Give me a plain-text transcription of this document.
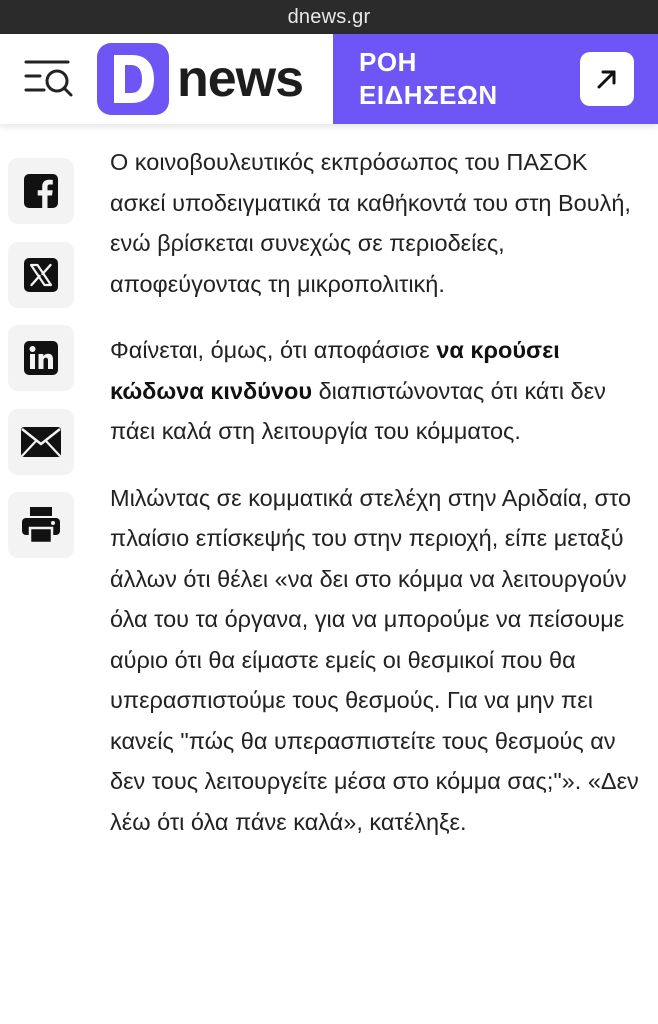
dnews.gr
news ΡΟΗ ΕΙΔΗΣΕΩΝ

Ο κοινοβουλευτικός εκπρόσωπος του ΠΑΣΟΚ ασκεί υποδειγματικά τα καθήκοντά του στη Βουλή, ενώ βρίσκεται συνεχώς σε περιοδείες, αποφεύγοντας τη μικροπολιτική.

Φαίνεται, όμως, ότι αποφάσισε να κρούσει κώδωνα κινδύνου διαπιστώνοντας ότι κάτι δεν πάει καλά στη λειτουργία του κόμματος.

Μιλώντας σε κομματικά στελέχη στην Αριδαία, στο πλαίσιο επίσκεψής του στην περιοχή, είπε μεταξύ άλλων ότι θέλει «να δει στο κόμμα να λειτουργούν όλα του τα όργανα, για να μπορούμε να πείσουμε αύριο ότι θα είμαστε εμείς οι θεσμικοί που θα υπερασπιστούμε τους θεσμούς. Για να μην πει κανείς "πώς θα υπερασπιστείτε τους θεσμούς αν δεν τους λειτουργείτε μέσα στο κόμμα σας;"». «Δεν λέω ότι όλα πάνε καλά», κατέληξε.
